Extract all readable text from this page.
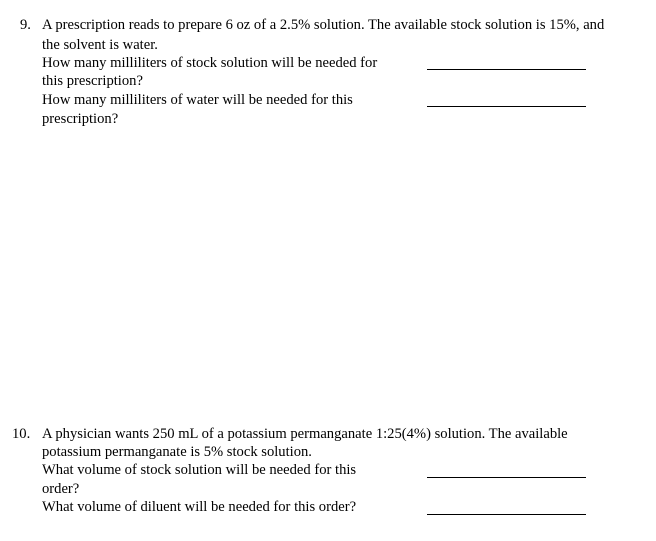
9. A prescription reads to prepare 6 oz of a 2.5% solution. The available stock solution is 15%, and
the solvent is water.
How many milliliters of stock solution will be needed for
this prescription?
How many milliliters of water will be needed for this
prescription?
10. A physician wants 250 mL of a potassium permanganate 1:25(4%) solution. The available
potassium permanganate is 5% stock solution.
What volume of stock solution will be needed for this
order?
What volume of diluent will be needed for this order?
